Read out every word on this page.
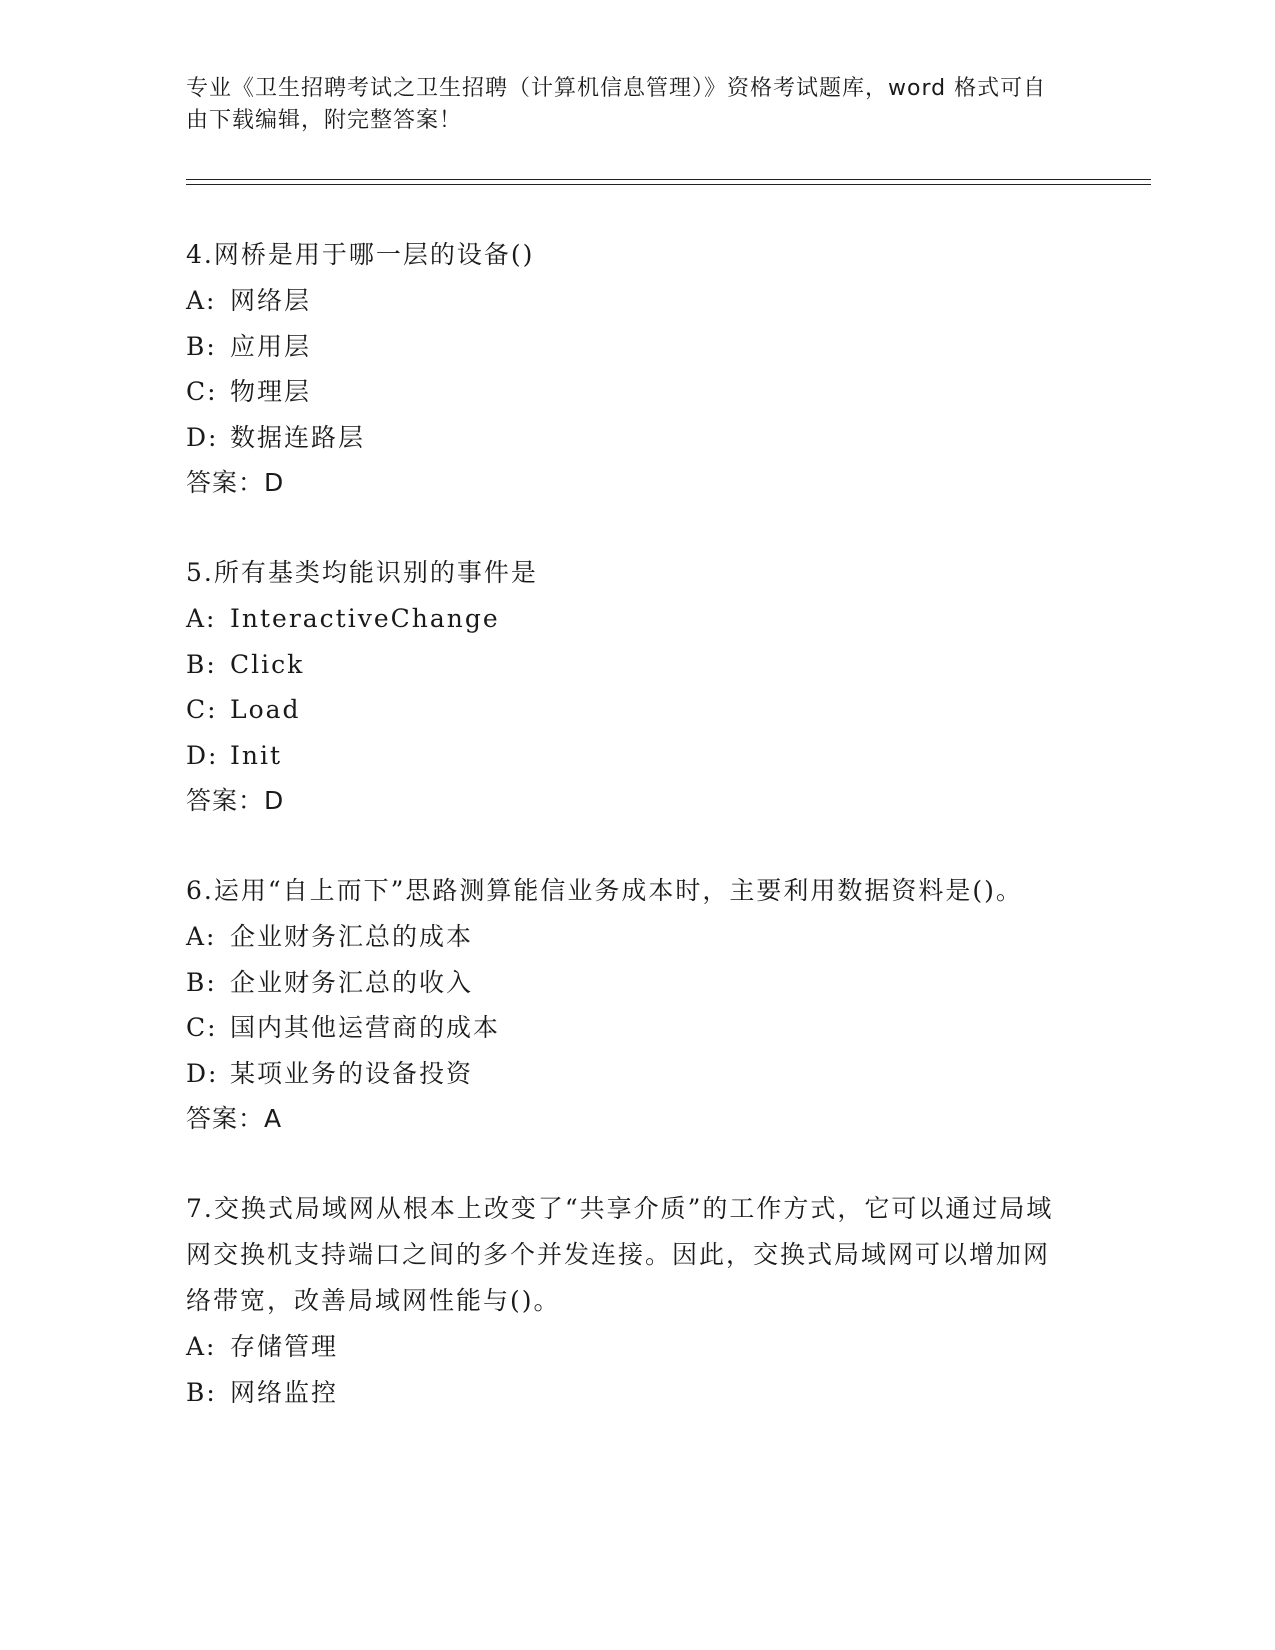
专业《卫生招聘考试之卫生招聘（计算机信息管理）》资格考试题库，word 格式可自由下载编辑，附完整答案！

4.网桥是用于哪一层的设备()

A: 网络层

B: 应用层

C: 物理层

D: 数据连路层

答案：D

5.所有基类均能识别的事件是

A: InteractiveChange

B: Click

C: Load

D: Init

答案：D

6.运用“自上而下”思路测算能信业务成本时，主要利用数据资料是()。

A: 企业财务汇总的成本

B: 企业财务汇总的收入

C: 国内其他运营商的成本

D: 某项业务的设备投资

答案：A

7.交换式局域网从根本上改变了“共享介质”的工作方式，它可以通过局域网交换机支持端口之间的多个并发连接。因此，交换式局域网可以增加网络带宽，改善局域网性能与()。

A: 存储管理

B: 网络监控
